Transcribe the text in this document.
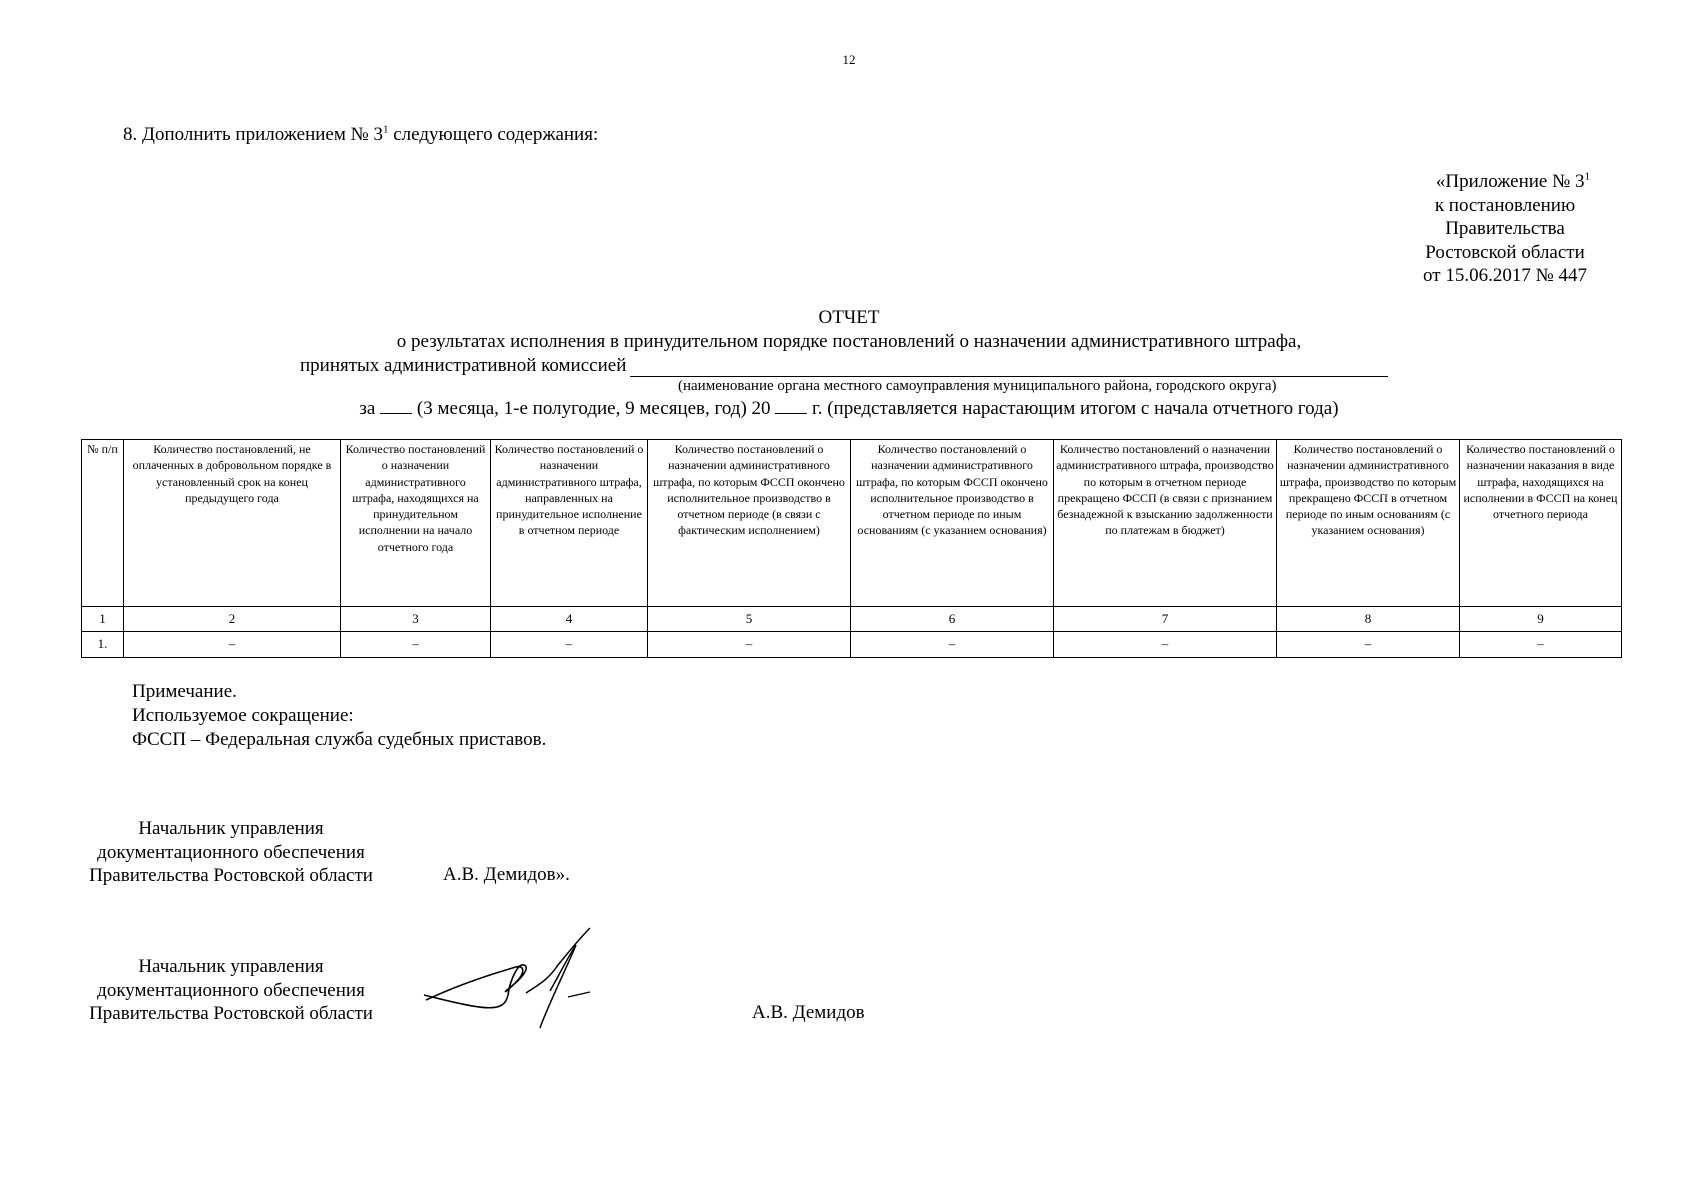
12
8. Дополнить приложением № $3^1$ следующего содержания:
«Приложение № $3^1$
к постановлению
Правительства
Ростовской области
от 15.06.2017 № 447
ОТЧЕТ
о результатах исполнения в принудительном порядке постановлений о назначении административного штрафа,
принятых административной комиссией
(наименование органа местного самоуправления муниципального района, городского округа)
за (3 месяца, 1-е полугодие, 9 месяцев, год) 20 г. (представляется нарастающим итогом с начала отчетного года)
№ п/п	Количество постановлений, не оплаченных в добровольном порядке в установленный срок на конец предыдущего года	Количество постановлений о назначении административного штрафа, находящихся на принудительном исполнении на начало отчетного года	Количество постановлений о назначении административного штрафа, направленных на принудительное исполнение в отчетном периоде	Количество постановлений о назначении административного штрафа, по которым ФССП окончено исполнительное производство в отчетном периоде (в связи с фактическим исполнением)	Количество постановлений о назначении административного штрафа, по которым ФССП окончено исполнительное производство в отчетном периоде по иным основаниям (с указанием основания)	Количество постановлений о назначении административного штрафа, производство по которым в отчетном периоде прекращено ФССП (в связи с признанием безнадежной к взысканию задолженности по платежам в бюджет)	Количество постановлений о назначении административного штрафа, производство по которым прекращено ФССП в отчетном периоде по иным основаниям (с указанием основания)	Количество постановлений о назначении наказания в виде штрафа, находящихся на исполнении в ФССП на конец отчетного периода
1	2	3	4	5	6	7	8	9
1.	–	–	–	–	–	–	–	–
Примечание.
Используемое сокращение:
ФССП – Федеральная служба судебных приставов.
Начальник управления
документационного обеспечения
Правительства Ростовской области	А.В. Демидов».
Начальник управления
документационного обеспечения
Правительства Ростовской области	А.В. Демидов
